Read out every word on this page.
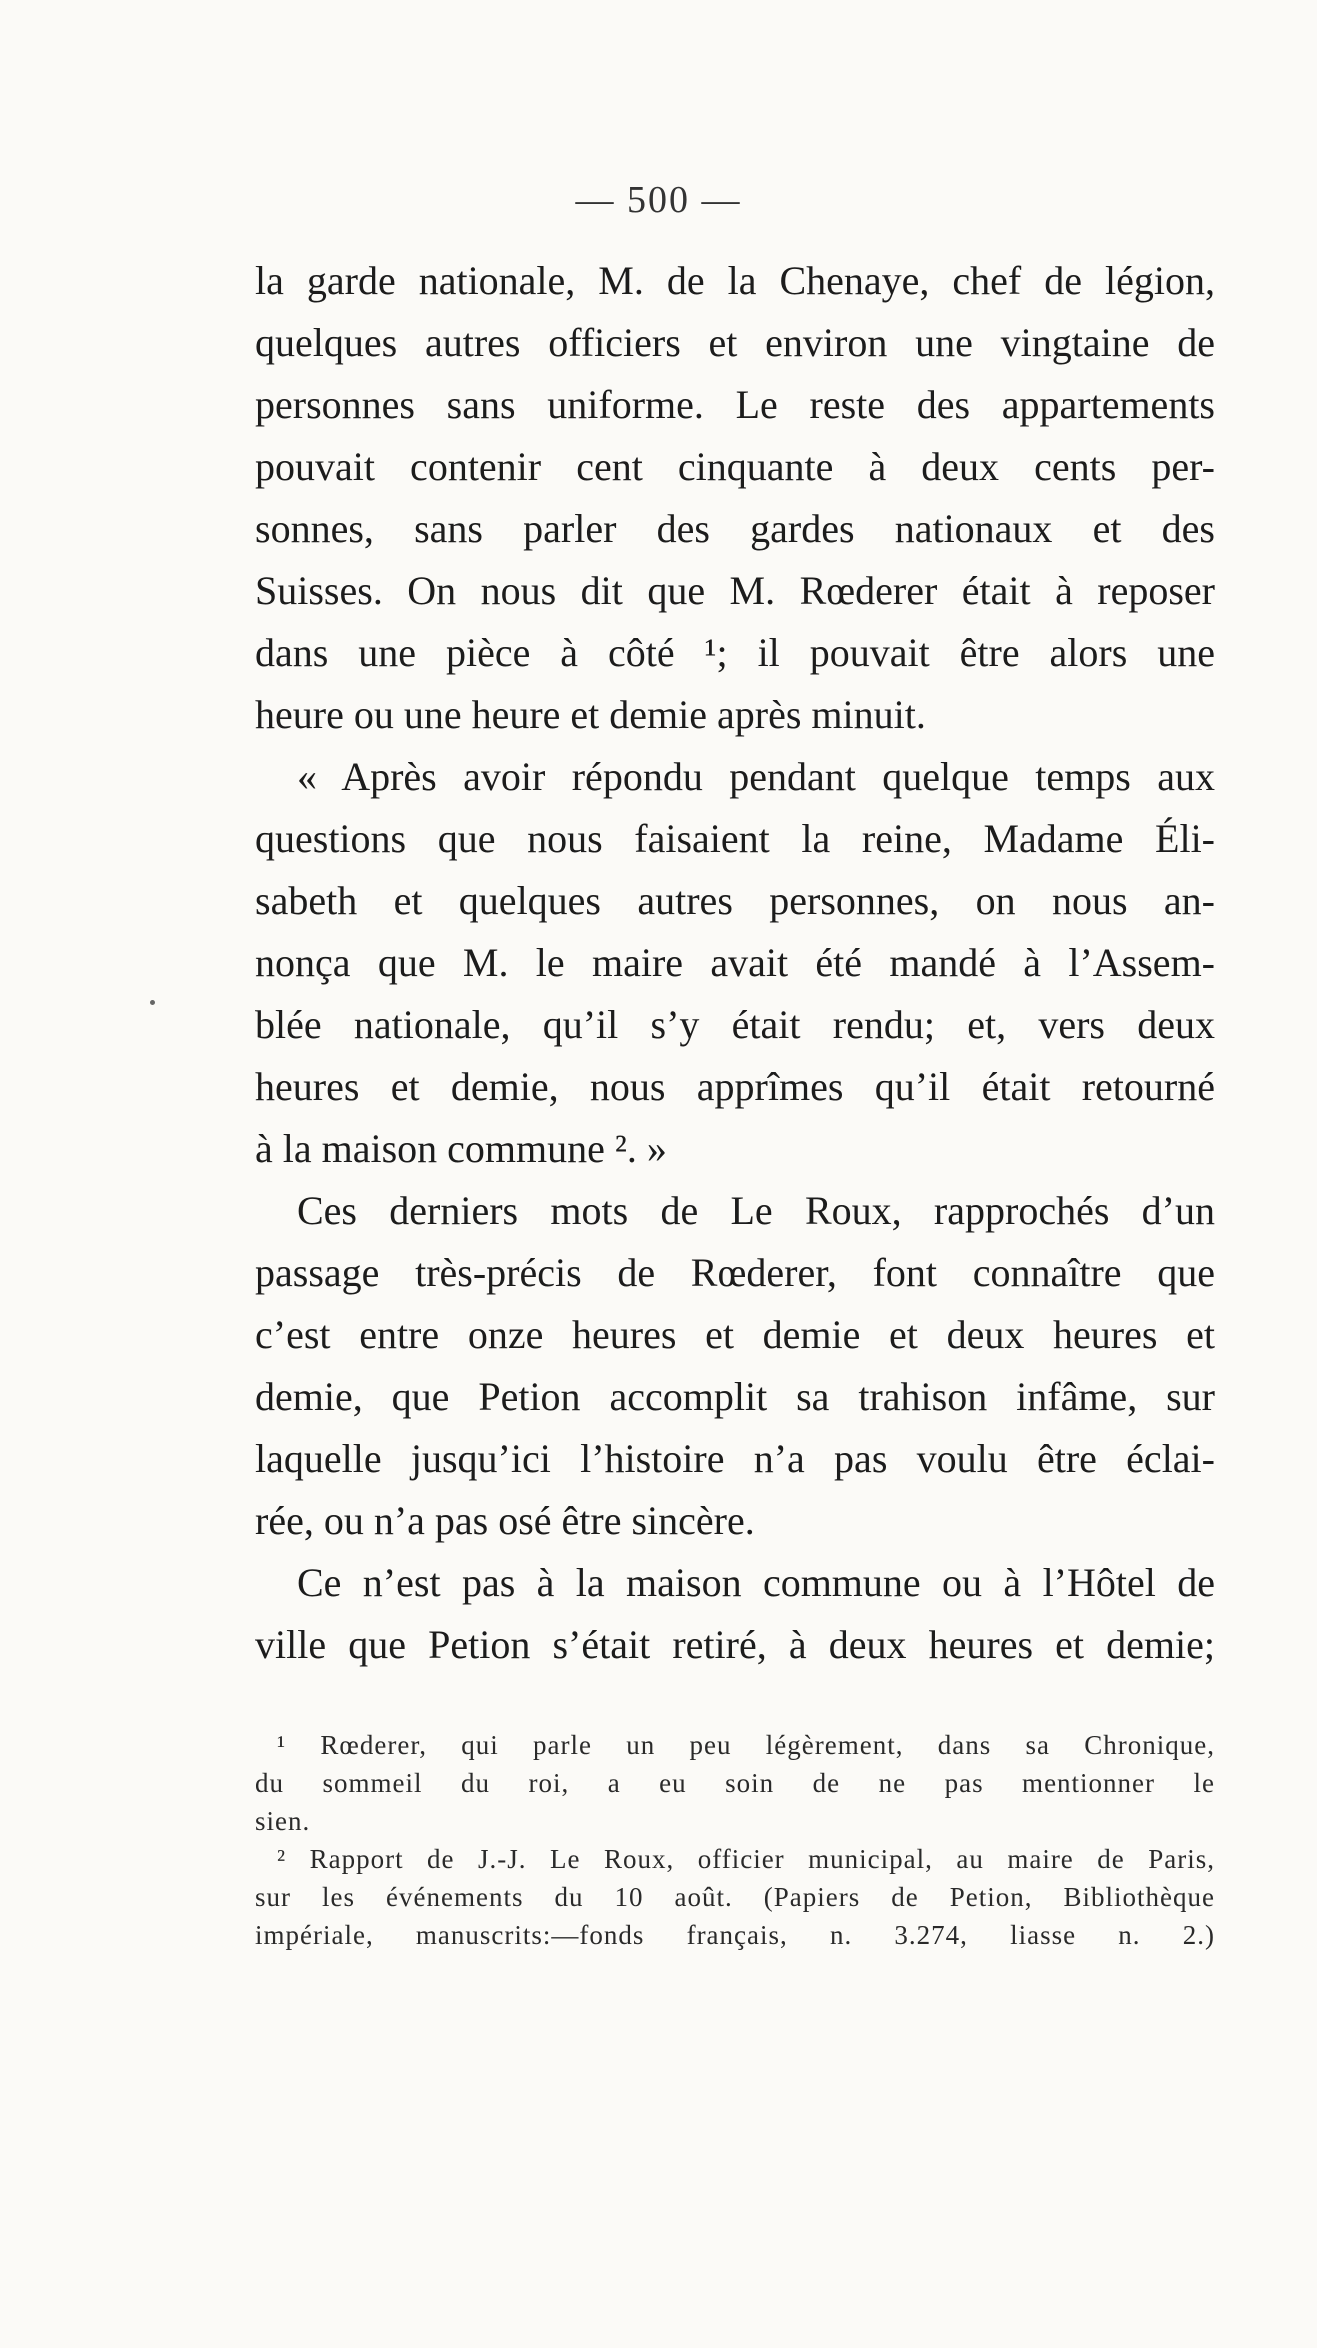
— 500 —
la garde nationale, M. de la Chenaye, chef de légion,
quelques autres officiers et environ une vingtaine de
personnes sans uniforme. Le reste des appartements
pouvait contenir cent cinquante à deux cents per-
sonnes, sans parler des gardes nationaux et des
Suisses. On nous dit que M. Rœderer était à reposer
dans une pièce à côté ¹; il pouvait être alors une
heure ou une heure et demie après minuit.
« Après avoir répondu pendant quelque temps aux
questions que nous faisaient la reine, Madame Éli-
sabeth et quelques autres personnes, on nous an-
nonça que M. le maire avait été mandé à l’Assem-
blée nationale, qu’il s’y était rendu; et, vers deux
heures et demie, nous apprîmes qu’il était retourné
à la maison commune ². »
Ces derniers mots de Le Roux, rapprochés d’un
passage très-précis de Rœderer, font connaître que
c’est entre onze heures et demie et deux heures et
demie, que Petion accomplit sa trahison infâme, sur
laquelle jusqu’ici l’histoire n’a pas voulu être éclai-
rée, ou n’a pas osé être sincère.
Ce n’est pas à la maison commune ou à l’Hôtel de
ville que Petion s’était retiré, à deux heures et demie;
¹ Rœderer, qui parle un peu légèrement, dans sa Chronique,
du sommeil du roi, a eu soin de ne pas mentionner le
sien.
² Rapport de J.-J. Le Roux, officier municipal, au maire de Paris,
sur les événements du 10 août. (Papiers de Petion, Bibliothèque
impériale, manuscrits:—fonds français, n. 3.274, liasse n. 2.)
